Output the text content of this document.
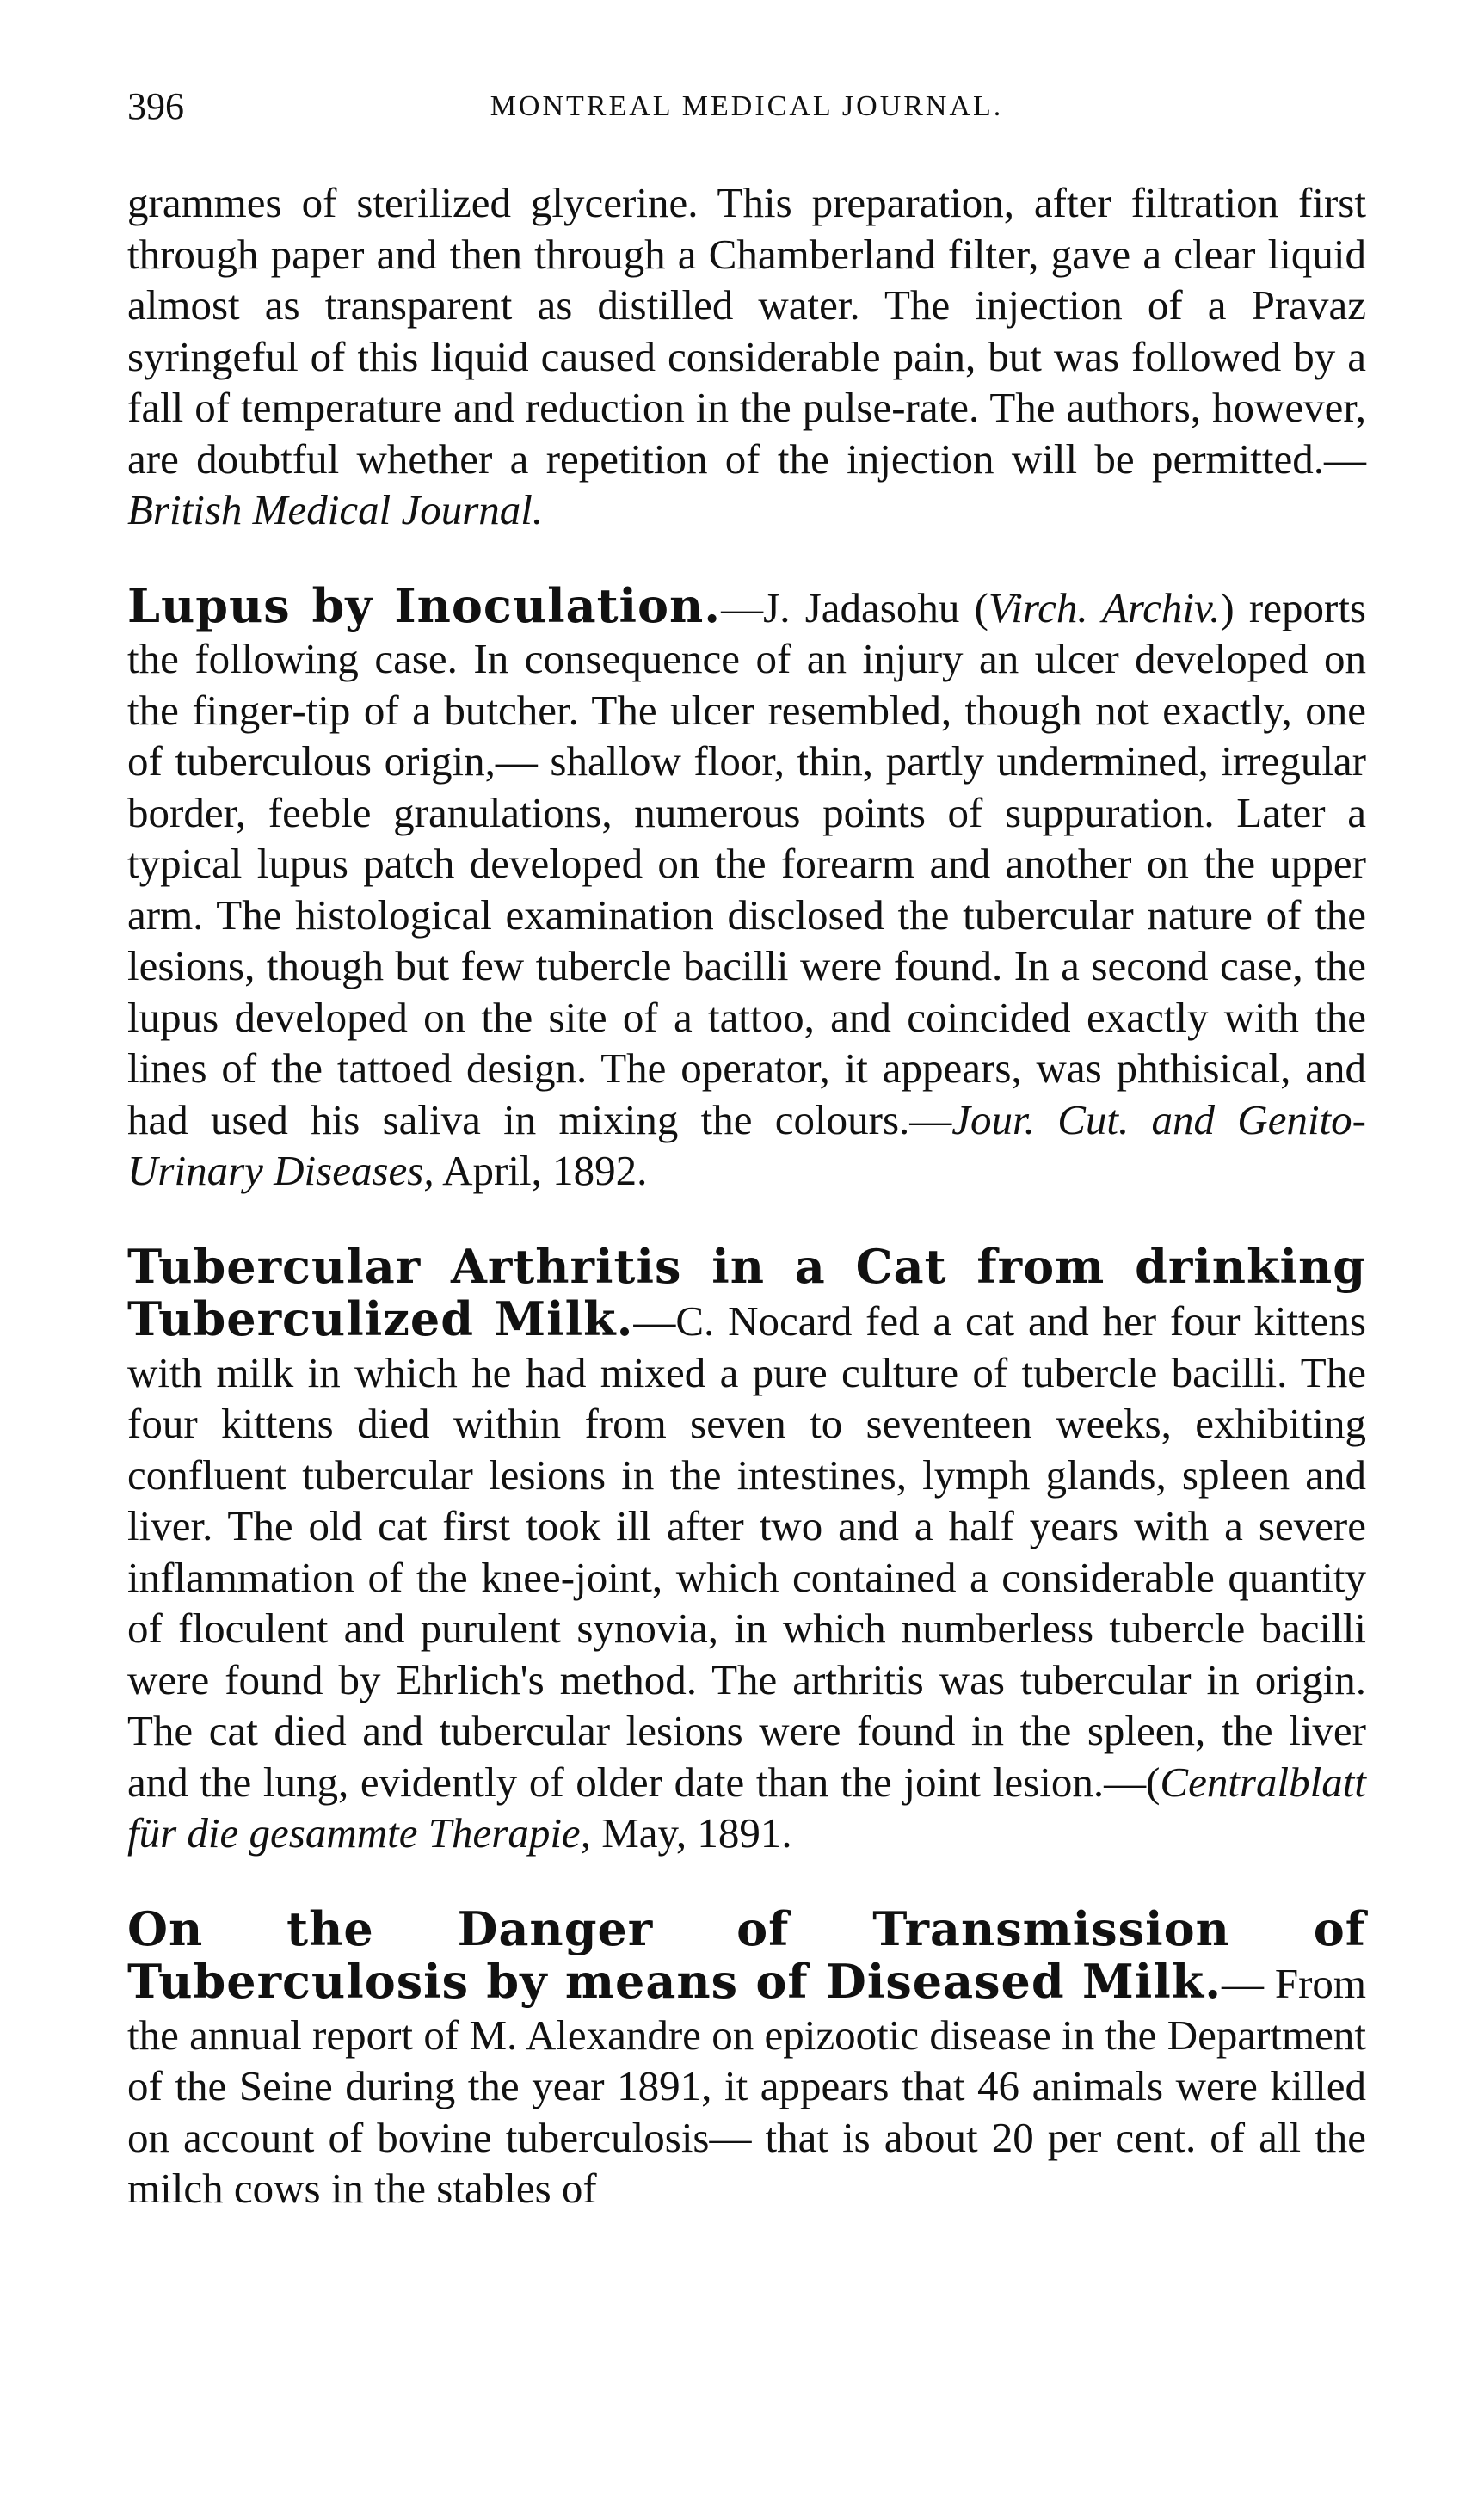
396	MONTREAL MEDICAL JOURNAL.

grammes of sterilized glycerine. This preparation, after filtration first through paper and then through a Chamberland filter, gave a clear liquid almost as transparent as distilled water. The injection of a Pravaz syringeful of this liquid caused considerable pain, but was followed by a fall of temperature and reduction in the pulse-rate. The authors, however, are doubtful whether a repetition of the injection will be permitted.—British Medical Journal.

Lupus by Inoculation.—J. Jadasohu (Virch. Archiv.) reports the following case. In consequence of an injury an ulcer developed on the finger-tip of a butcher. The ulcer resembled, though not exactly, one of tuberculous origin,— shallow floor, thin, partly undermined, irregular border, feeble granulations, numerous points of suppuration. Later a typical lupus patch developed on the forearm and another on the upper arm. The histological examination disclosed the tubercular nature of the lesions, though but few tubercle bacilli were found. In a second case, the lupus developed on the site of a tattoo, and coincided exactly with the lines of the tattoed design. The operator, it appears, was phthisical, and had used his saliva in mixing the colours.—Jour. Cut. and Genito-Urinary Diseases, April, 1892.

Tubercular Arthritis in a Cat from drinking Tuberculized Milk.—C. Nocard fed a cat and her four kittens with milk in which he had mixed a pure culture of tubercle bacilli. The four kittens died within from seven to seventeen weeks, exhibiting confluent tubercular lesions in the intestines, lymph glands, spleen and liver. The old cat first took ill after two and a half years with a severe inflammation of the knee-joint, which contained a considerable quantity of floculent and purulent synovia, in which numberless tubercle bacilli were found by Ehrlich's method. The arthritis was tubercular in origin. The cat died and tubercular lesions were found in the spleen, the liver and the lung, evidently of older date than the joint lesion.—(Centralblatt für die gesammte Therapie, May, 1891.

On the Danger of Transmission of Tuberculosis by means of Diseased Milk.— From the annual report of M. Alexandre on epizootic disease in the Department of the Seine during the year 1891, it appears that 46 animals were killed on account of bovine tuberculosis— that is about 20 per cent. of all the milch cows in the stables of
